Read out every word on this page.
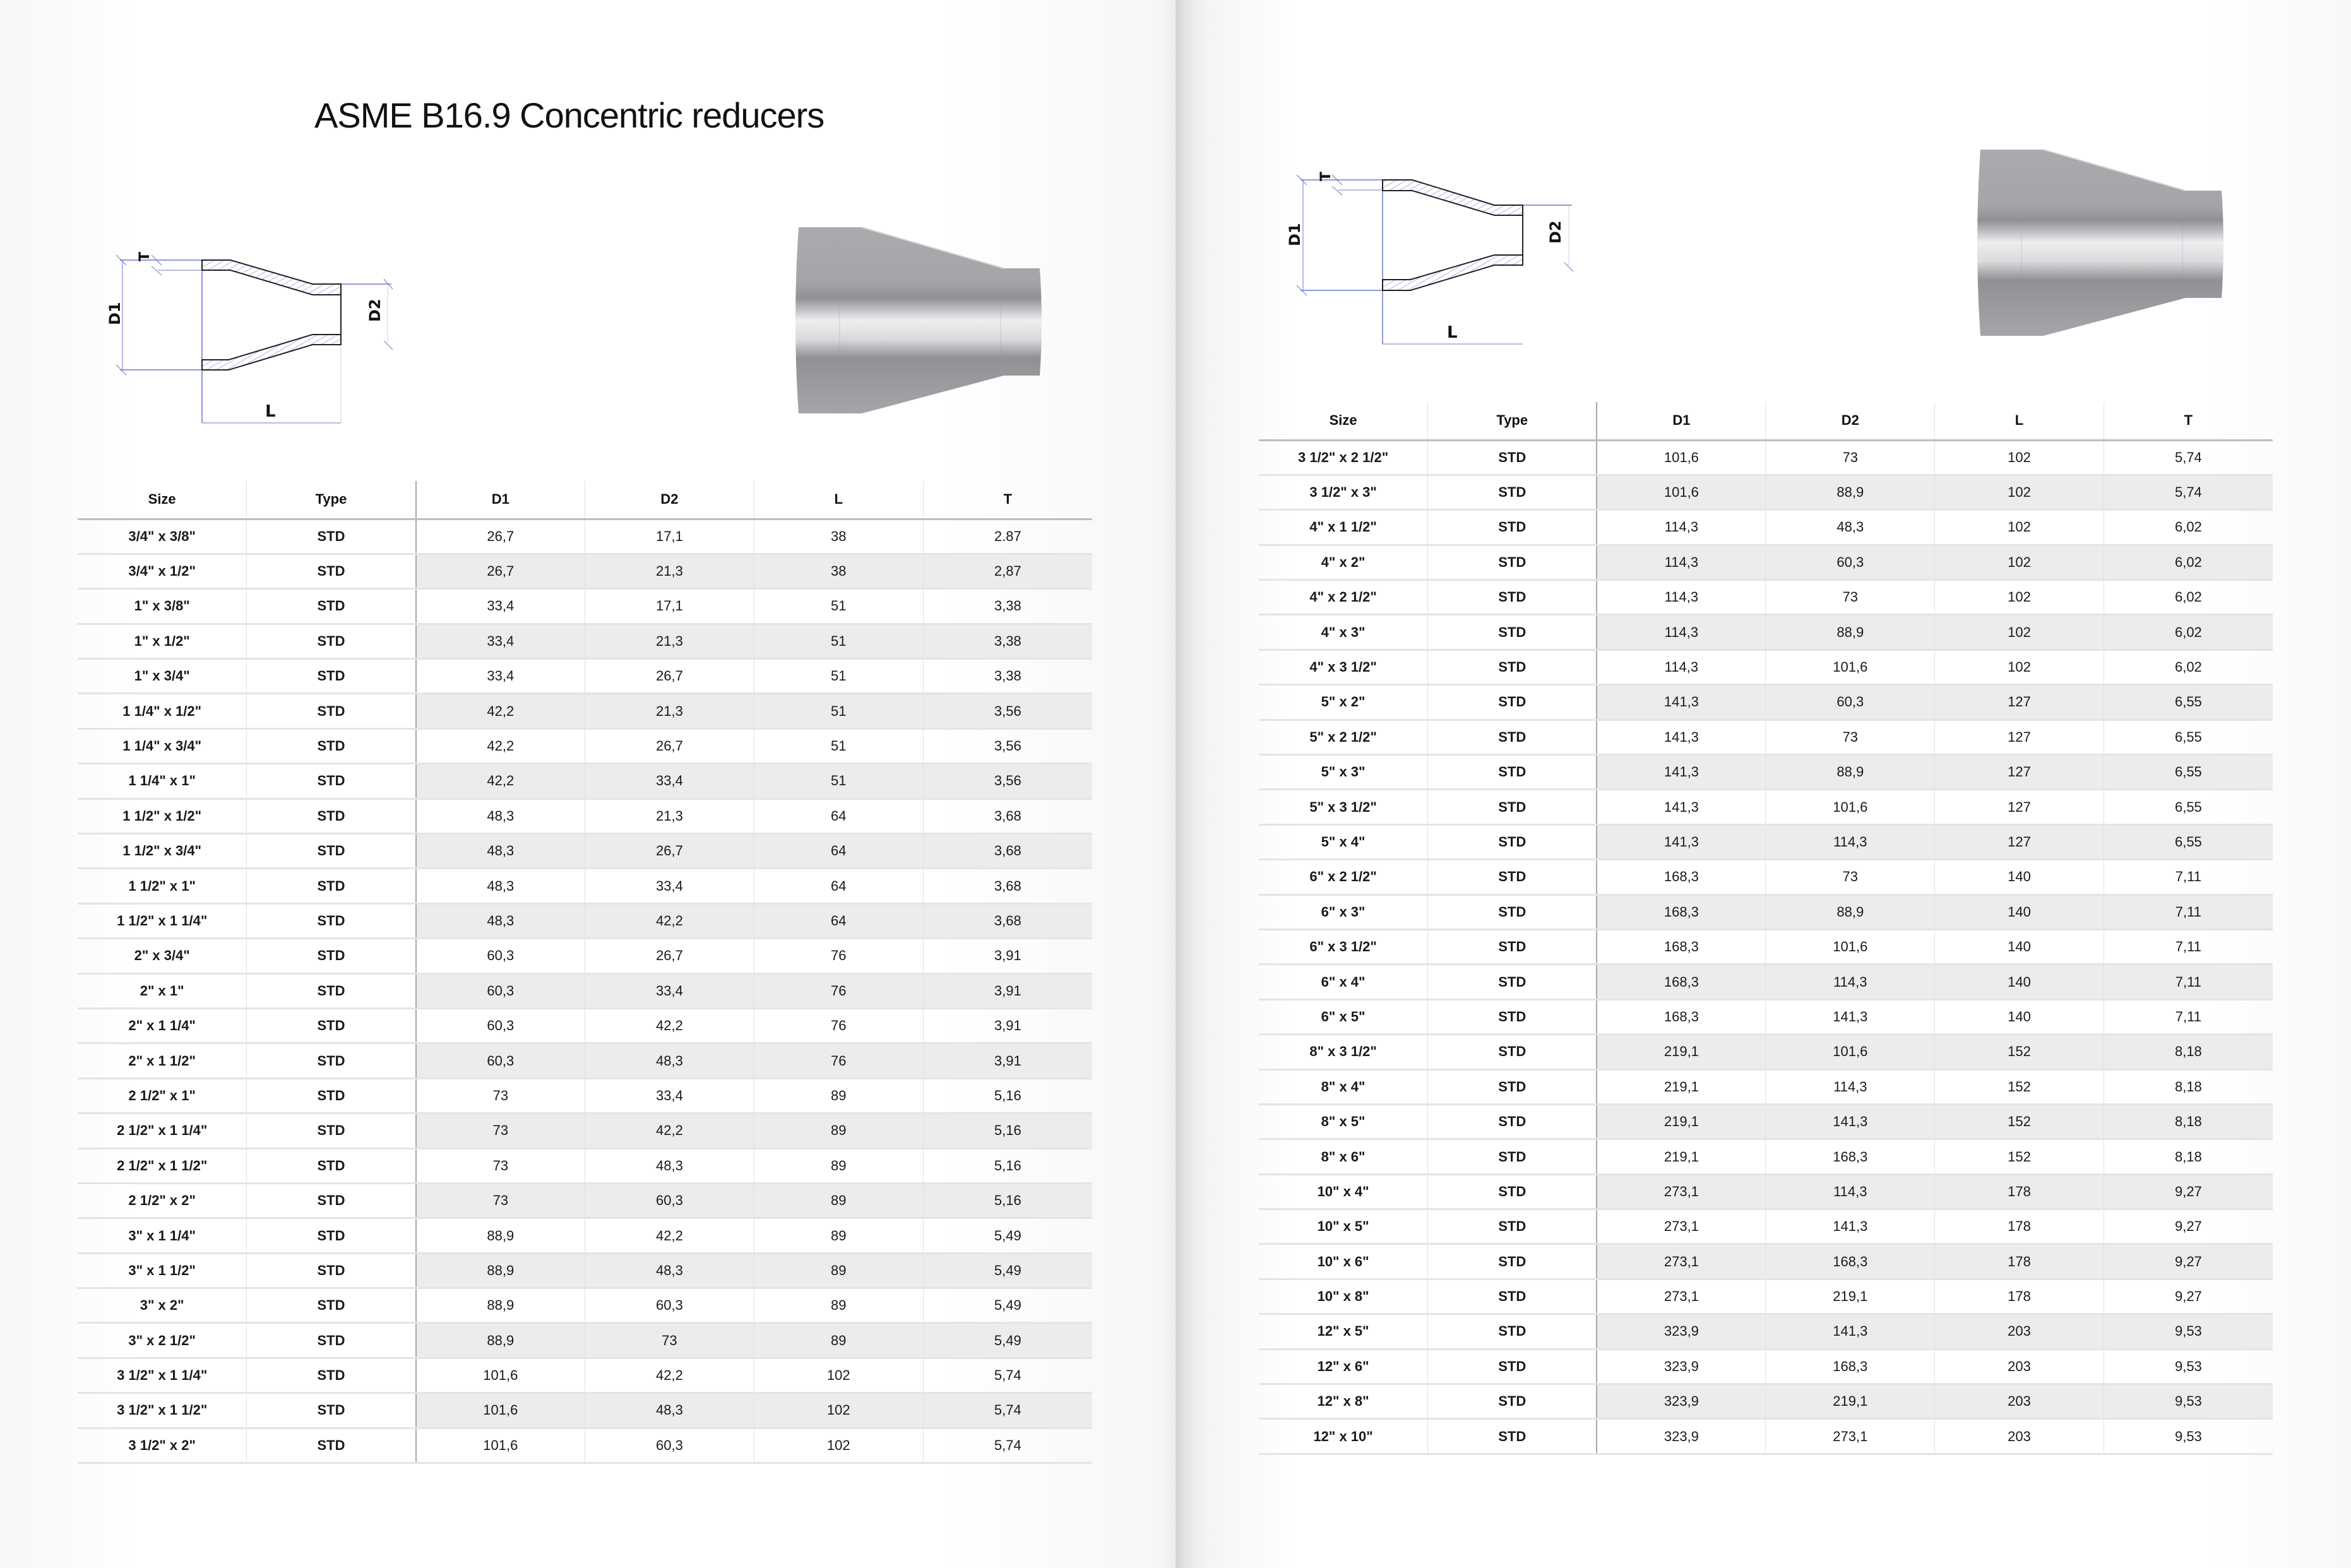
ASME B16.9 Concentric reducers
D1	D2
L
T
Size	Type	D1	D2	L	T
3/4" x 3/8"	STD	26,7	17,1	38	2.87
3/4" x 1/2"	STD	26,7	21,3	38	2,87
1" x 3/8"	STD	33,4	17,1	51	3,38
1" x 1/2"	STD	33,4	21,3	51	3,38
1" x 3/4"	STD	33,4	26,7	51	3,38
1 1/4" x 1/2"	STD	42,2	21,3	51	3,56
1 1/4" x 3/4"	STD	42,2	26,7	51	3,56
1 1/4" x 1"	STD	42,2	33,4	51	3,56
1 1/2" x 1/2"	STD	48,3	21,3	64	3,68
1 1/2" x 3/4"	STD	48,3	26,7	64	3,68
1 1/2" x 1"	STD	48,3	33,4	64	3,68
1 1/2" x 1 1/4"	STD	48,3	42,2	64	3,68
2" x 3/4"	STD	60,3	26,7	76	3,91
2" x 1"	STD	60,3	33,4	76	3,91
2" x 1 1/4"	STD	60,3	42,2	76	3,91
2" x 1 1/2"	STD	60,3	48,3	76	3,91
2 1/2" x 1"	STD	73	33,4	89	5,16
2 1/2" x 1 1/4"	STD	73	42,2	89	5,16
2 1/2" x 1 1/2"	STD	73	48,3	89	5,16
2 1/2" x 2"	STD	73	60,3	89	5,16
3" x 1 1/4"	STD	88,9	42,2	89	5,49
3" x 1 1/2"	STD	88,9	48,3	89	5,49
3" x 2"	STD	88,9	60,3	89	5,49
3" x 2 1/2"	STD	88,9	73	89	5,49
3 1/2" x 1 1/4"	STD	101,6	42,2	102	5,74
3 1/2" x 1 1/2"	STD	101,6	48,3	102	5,74
3 1/2" x 2"	STD	101,6	60,3	102	5,74
D1	D2
L
T
Size	Type	D1	D2	L	T
3 1/2" x 2 1/2"	STD	101,6	73	102	5,74
3 1/2" x 3"	STD	101,6	88,9	102	5,74
4" x 1 1/2"	STD	114,3	48,3	102	6,02
4" x 2"	STD	114,3	60,3	102	6,02
4" x 2 1/2"	STD	114,3	73	102	6,02
4" x 3"	STD	114,3	88,9	102	6,02
4" x 3 1/2"	STD	114,3	101,6	102	6,02
5" x 2"	STD	141,3	60,3	127	6,55
5" x 2 1/2"	STD	141,3	73	127	6,55
5" x 3"	STD	141,3	88,9	127	6,55
5" x 3 1/2"	STD	141,3	101,6	127	6,55
5" x 4"	STD	141,3	114,3	127	6,55
6" x 2 1/2"	STD	168,3	73	140	7,11
6" x 3"	STD	168,3	88,9	140	7,11
6" x 3 1/2"	STD	168,3	101,6	140	7,11
6" x 4"	STD	168,3	114,3	140	7,11
6" x 5"	STD	168,3	141,3	140	7,11
8" x 3 1/2"	STD	219,1	101,6	152	8,18
8" x 4"	STD	219,1	114,3	152	8,18
8" x 5"	STD	219,1	141,3	152	8,18
8" x 6"	STD	219,1	168,3	152	8,18
10" x 4"	STD	273,1	114,3	178	9,27
10" x 5"	STD	273,1	141,3	178	9,27
10" x 6"	STD	273,1	168,3	178	9,27
10" x 8"	STD	273,1	219,1	178	9,27
12" x 5"	STD	323,9	141,3	203	9,53
12" x 6"	STD	323,9	168,3	203	9,53
12" x 8"	STD	323,9	219,1	203	9,53
12" x 10"	STD	323,9	273,1	203	9,53
